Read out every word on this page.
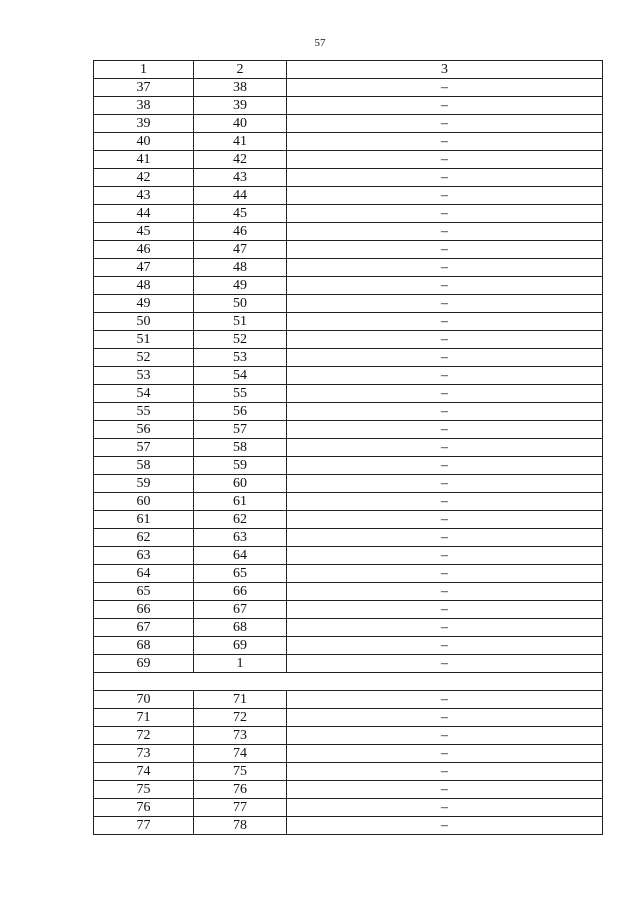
57
1	2	3
37	38	–
38	39	–
39	40	–
40	41	–
41	42	–
42	43	–
43	44	–
44	45	–
45	46	–
46	47	–
47	48	–
48	49	–
49	50	–
50	51	–
51	52	–
52	53	–
53	54	–
54	55	–
55	56	–
56	57	–
57	58	–
58	59	–
59	60	–
60	61	–
61	62	–
62	63	–
63	64	–
64	65	–
65	66	–
66	67	–
67	68	–
68	69	–
69	1	–

70	71	–
71	72	–
72	73	–
73	74	–
74	75	–
75	76	–
76	77	–
77	78	–
